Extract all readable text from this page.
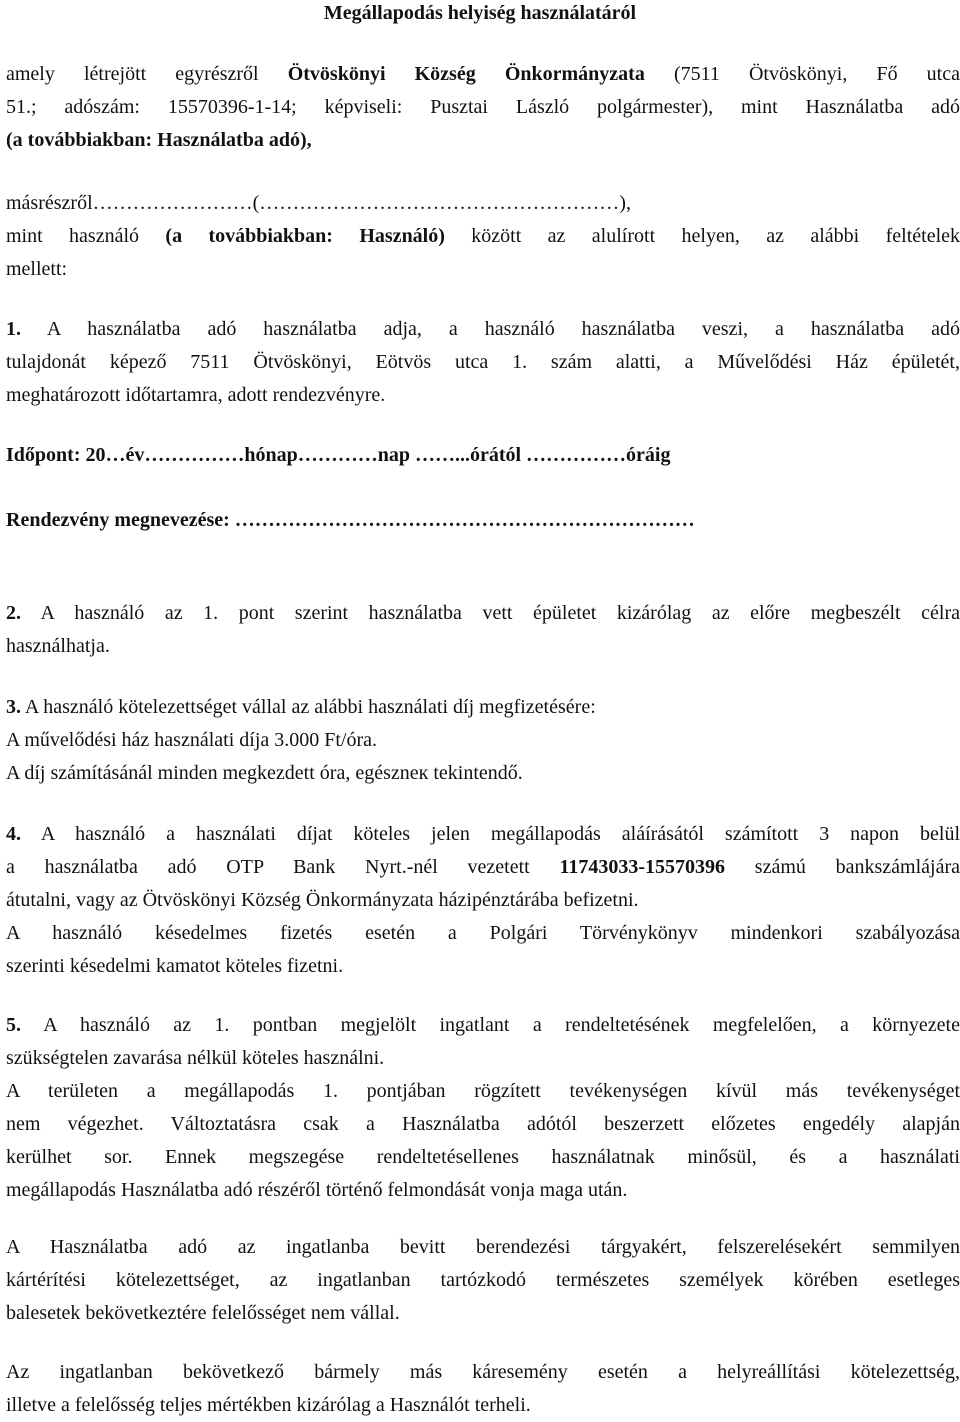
Megállapodás helyiség használatáról
amely létrejött egyrészről Ötvöskönyi Község Önkormányzata (7511 Ötvöskönyi, Fő utca
51.; adószám: 15570396-1-14; képviseli: Pusztai László polgármester), mint Használatba adó
(a továbbiakban: Használatba adó),
másrészről……………………(………………………………………………),
mint használó (a továbbiakban: Használó) között az alulírott helyen, az alábbi feltételek
mellett:
1. A használatba adó használatba adja, a használó használatba veszi, a használatba adó
tulajdonát képező 7511 Ötvöskönyi, Eötvös utca 1. szám alatti, a Művelődési Ház épületét,
meghatározott időtartamra, adott rendezvényre.
Időpont: 20…év……………hónap…………nap ……...órától ……………óráig
Rendezvény megnevezése: ……………………………………………………………
2. A használó az 1. pont szerint használatba vett épületet kizárólag az előre megbeszélt célra
használhatja.
3. A használó kötelezettséget vállal az alábbi használati díj megfizetésére:
A művelődési ház használati díja 3.000 Ft/óra.
A díj számításánál minden megkezdett óra, egészneк tekintendő.
4. A használó a használati díjat köteles jelen megállapodás aláírásától számított 3 napon belül
a használatba adó OTP Bank Nyrt.-nél vezetett 11743033-15570396 számú bankszámlájára
átutalni, vagy az Ötvöskönyi Község Önkormányzata házipénztárába befizetni.
A használó késedelmes fizetés esetén a Polgári Törvénykönyv mindenkori szabályozása
szerinti késedelmi kamatot köteles fizetni.
5. A használó az 1. pontban megjelölt ingatlant a rendeltetésének megfelelően, a környezete
szükségtelen zavarása nélkül köteles használni.
A területen a megállapodás 1. pontjában rögzített tevékenységen kívül más tevékenységet
nem végezhet. Változtatásra csak a Használatba adótól beszerzett előzetes engedély alapján
kerülhet sor. Ennek megszegése rendeltetésellenes használatnak minősül, és a használati
megállapodás Használatba adó részéről történő felmondását vonja maga után.
A Használatba adó az ingatlanba bevitt berendezési tárgyakért, felszerelésekért semmilyen
kártérítési kötelezettséget, az ingatlanban tartózkodó természetes személyek körében esetleges
balesetek bekövetkeztére felelősséget nem vállal.
Az ingatlanban bekövetkező bármely más káresemény esetén a helyreállítási kötelezettség,
illetve a felelősség teljes mértékben kizárólag a Használót terheli.
